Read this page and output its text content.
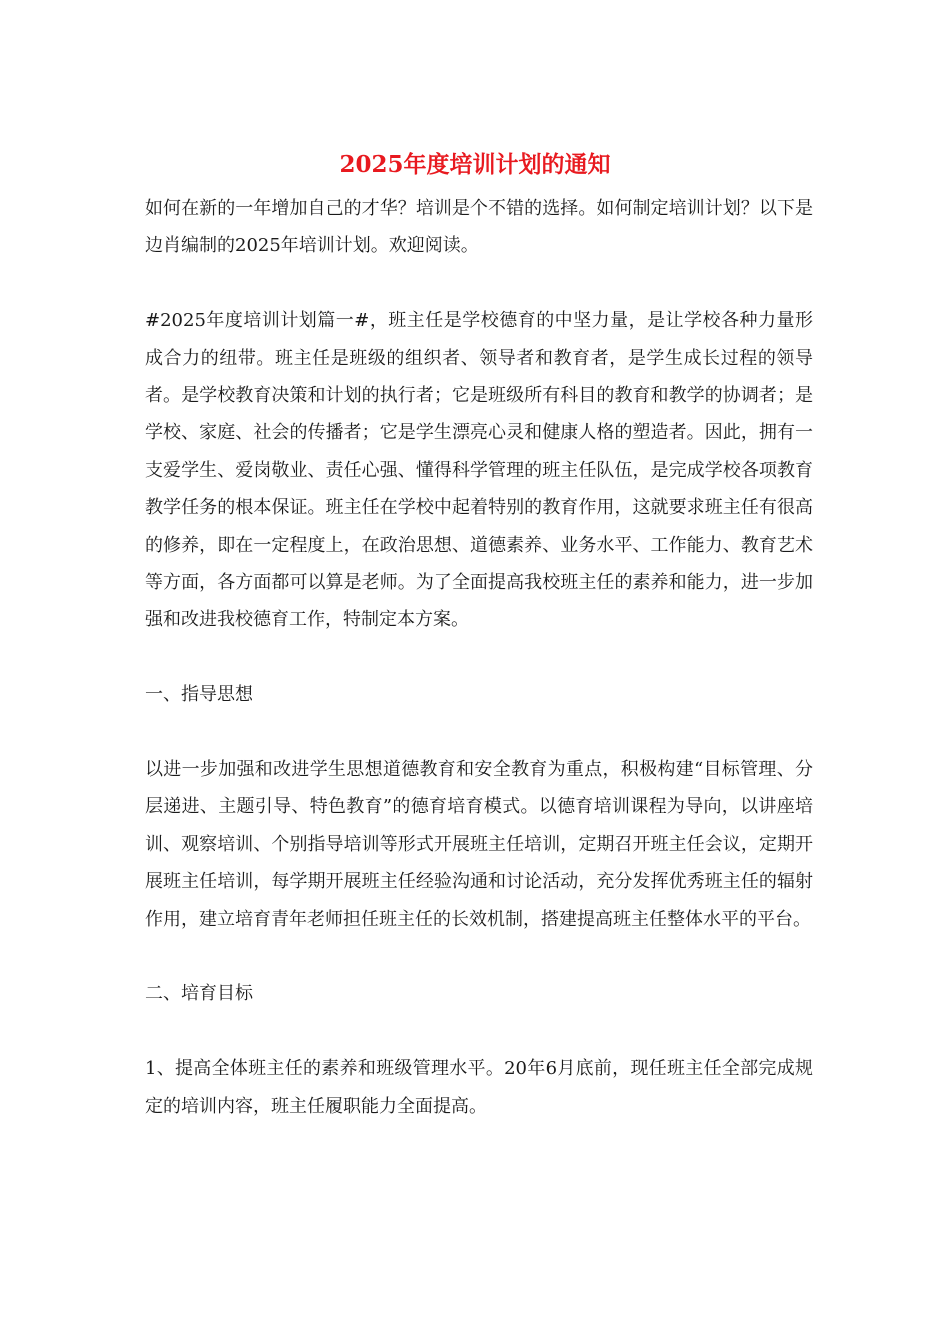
2025年度培训计划的通知

如何在新的一年增加自己的才华？培训是个不错的选择。如何制定培训计划？以下是边肖编制的2025年培训计划。欢迎阅读。

#2025年度培训计划篇一#，班主任是学校德育的中坚力量，是让学校各种力量形成合力的纽带。班主任是班级的组织者、领导者和教育者，是学生成长过程的领导者。是学校教育决策和计划的执行者；它是班级所有科目的教育和教学的协调者；是学校、家庭、社会的传播者；它是学生漂亮心灵和健康人格的塑造者。因此，拥有一支爱学生、爱岗敬业、责任心强、懂得科学管理的班主任队伍，是完成学校各项教育教学任务的根本保证。班主任在学校中起着特别的教育作用，这就要求班主任有很高的修养，即在一定程度上，在政治思想、道德素养、业务水平、工作能力、教育艺术等方面，各方面都可以算是老师。为了全面提高我校班主任的素养和能力，进一步加强和改进我校德育工作，特制定本方案。

一、指导思想

以进一步加强和改进学生思想道德教育和安全教育为重点，积极构建“目标管理、分层递进、主题引导、特色教育”的德育培育模式。以德育培训课程为导向，以讲座培训、观察培训、个别指导培训等形式开展班主任培训，定期召开班主任会议，定期开展班主任培训，每学期开展班主任经验沟通和讨论活动，充分发挥优秀班主任的辐射作用，建立培育青年老师担任班主任的长效机制，搭建提高班主任整体水平的平台。

二、培育目标

1、提高全体班主任的素养和班级管理水平。20年6月底前，现任班主任全部完成规定的培训内容，班主任履职能力全面提高。
